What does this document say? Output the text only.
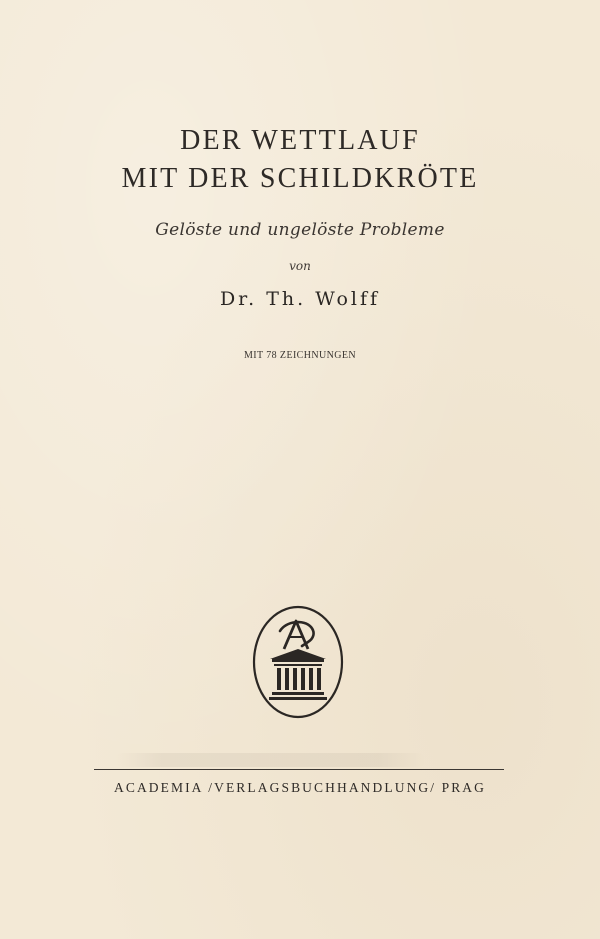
DER WETTLAUF
MIT DER SCHILDKRÖTE
Gelöste und ungelöste Probleme
von
Dr. Th. Wolff
MIT 78 ZEICHNUNGEN
ACADEMIA /VERLAGSBUCHHANDLUNG/ PRAG
